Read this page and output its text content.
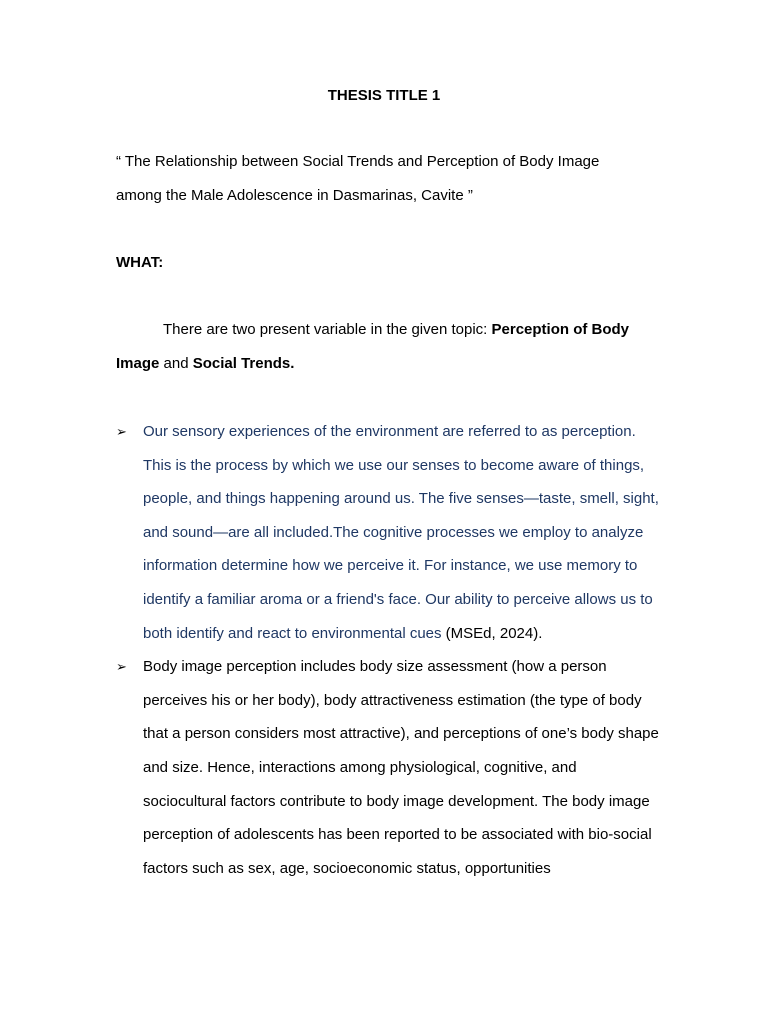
THESIS TITLE 1
“ The Relationship between Social Trends and Perception of Body Image
among the Male Adolescence in Dasmarinas, Cavite ”
WHAT:
There are two present variable in the given topic: Perception of Body Image and Social Trends.
➢ Our sensory experiences of the environment are referred to as perception. This is the process by which we use our senses to become aware of things, people, and things happening around us. The five senses—taste, smell, sight, and sound—are all included.The cognitive processes we employ to analyze information determine how we perceive it. For instance, we use memory to identify a familiar aroma or a friend's face. Our ability to perceive allows us to both identify and react to environmental cues (MSEd, 2024).
➢ Body image perception includes body size assessment (how a person perceives his or her body), body attractiveness estimation (the type of body that a person considers most attractive), and perceptions of one’s body shape and size. Hence, interactions among physiological, cognitive, and sociocultural factors contribute to body image development. The body image perception of adolescents has been reported to be associated with bio-social factors such as sex, age, socioeconomic status, opportunities
